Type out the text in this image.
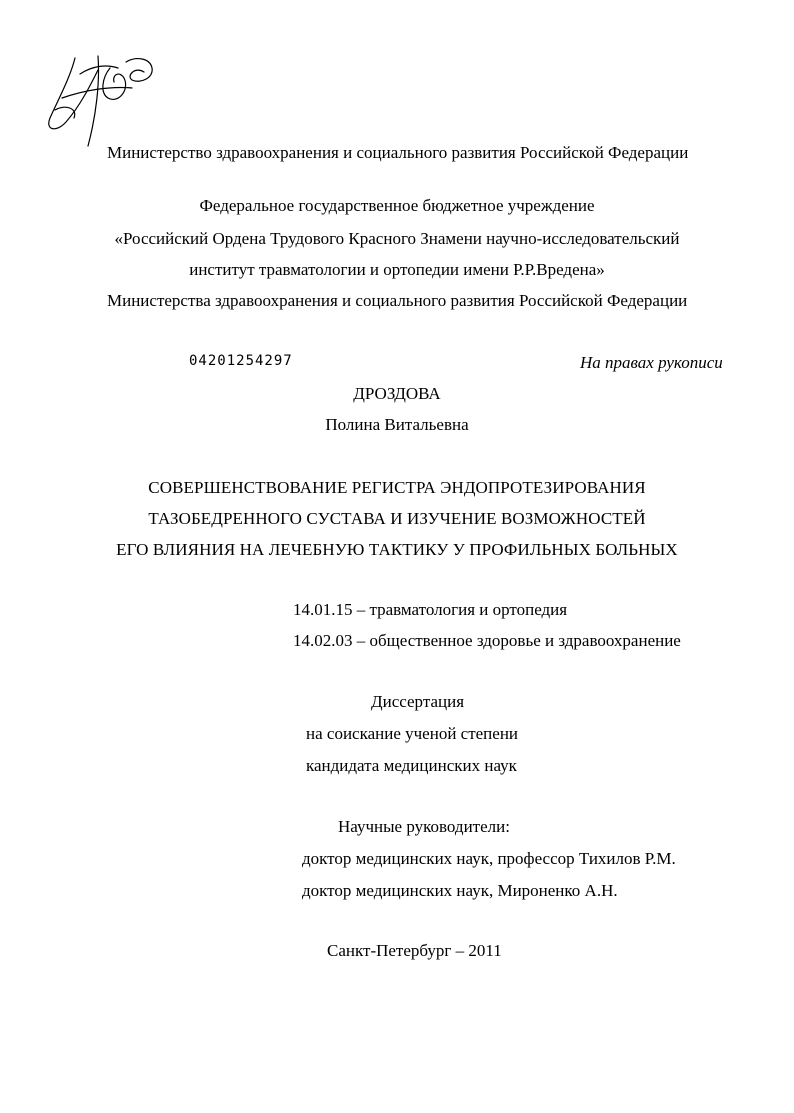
Министерство здравоохранения и социального развития Российской Федерации
Федеральное государственное бюджетное учреждение
«Российский Ордена Трудового Красного Знамени научно-исследовательский
институт травматологии и ортопедии имени Р.Р.Вредена»
Министерства здравоохранения и социального развития Российской Федерации
04201254297	На правах рукописи
ДРОЗДОВА
Полина Витальевна
СОВЕРШЕНСТВОВАНИЕ РЕГИСТРА ЭНДОПРОТЕЗИРОВАНИЯ
ТАЗОБЕДРЕННОГО СУСТАВА И ИЗУЧЕНИЕ ВОЗМОЖНОСТЕЙ
ЕГО ВЛИЯНИЯ НА ЛЕЧЕБНУЮ ТАКТИКУ У ПРОФИЛЬНЫХ БОЛЬНЫХ
14.01.15 – травматология и ортопедия
14.02.03 – общественное здоровье и здравоохранение
Диссертация
на соискание ученой степени
кандидата медицинских наук
Научные руководители:
доктор медицинских наук, профессор Тихилов Р.М.
доктор медицинских наук, Мироненко А.Н.
Санкт-Петербург – 2011
